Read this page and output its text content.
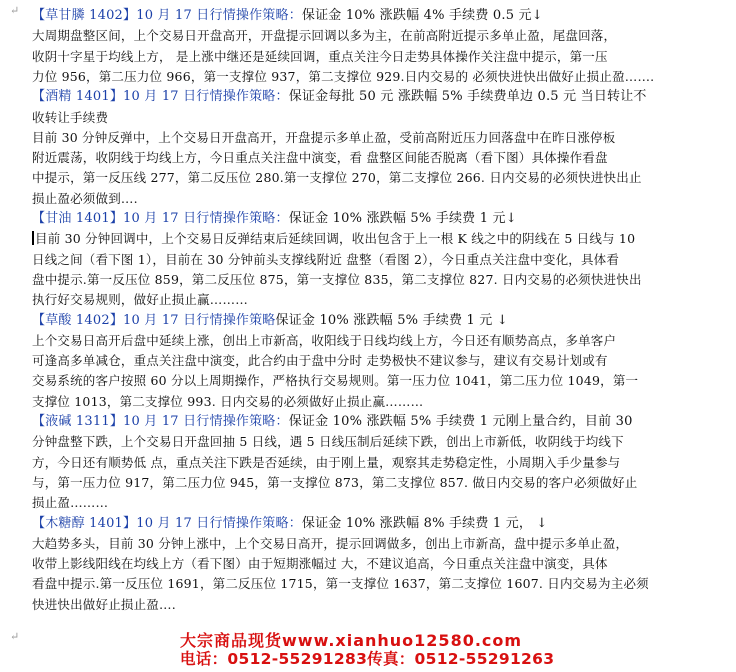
↵ 【草甘膦 1402】10 月 17 日行情操作策略：保证金 10% 涨跌幅 4% 手续费 0.5 元↓
大周期盘整区间，上个交易日开盘高开，开盘提示回调以多为主，在前高附近提示多单止盈，尾盘回落，
收阴十字星于均线上方， 是上涨中继还是延续回调，重点关注今日走势具体操作关注盘中提示，第一压
力位 956，第二压力位 966，第一支撑位 937，第二支撑位 929.日内交易的 必须快进快出做好止损止盈…….
【酒精 1401】10 月 17 日行情操作策略：保证金每批 50 元 涨跌幅 5% 手续费单边 0.5 元 当日转让不
收转让手续费
目前 30 分钟反弹中，上个交易日开盘高开，开盘提示多单止盈，受前高附近压力回落盘中在昨日涨停板
附近震荡，收阴线于均线上方，今日重点关注盘中演变，看 盘整区间能否脱离（看下图）具体操作看盘
中提示，第一反压线 277，第二反压位 280.第一支撑位 270，第二支撑位 266. 日内交易的必须快进快出止
损止盈必须做到….
【甘油 1401】10 月 17 日行情操作策略：保证金 10% 涨跌幅 5% 手续费 1 元↓
目前 30 分钟回调中，上个交易日反弹结束后延续回调，收出包含于上一根 K 线之中的阴线在 5 日线与 10
日线之间（看下图 1），目前在 30 分钟前头支撑线附近 盘整（看图 2），今日重点关注盘中变化，具体看
盘中提示.第一反压位 859，第二反压位 875，第一支撑位 835，第二支撑位 827. 日内交易的必须快进快出
执行好交易规则，做好止损止赢………
【草酸 1402】10 月 17 日行情操作策略保证金 10% 涨跌幅 5% 手续费 1 元 ↓
上个交易日高开后盘中延续上涨，创出上市新高，收阳线于日线均线上方，今日还有顺势高点，多单客户
可逢高多单减仓，重点关注盘中演变，此合约由于盘中分时 走势极快不建议参与，建议有交易计划或有
交易系统的客户按照 60 分以上周期操作，严格执行交易规则。第一压力位 1041，第二压力位 1049，第一
支撑位 1013，第二支撑位 993. 日内交易的必须做好止损止赢………
【液碱 1311】10 月 17 日行情操作策略：保证金 10% 涨跌幅 5% 手续费 1 元刚上量合约，目前 30
分钟盘整下跌，上个交易日开盘回抽 5 日线，遇 5 日线压制后延续下跌，创出上市新低，收阴线于均线下
方，今日还有顺势低 点，重点关注下跌是否延续，由于刚上量，观察其走势稳定性，小周期入手少量参与
与，第一压力位 917，第二压力位 945，第一支撑位 873，第二支撑位 857. 做日内交易的客户必须做好止
损止盈………
【木糖醇 1401】10 月 17 日行情操作策略：保证金 10% 涨跌幅 8% 手续费 1 元， ↓
大趋势多头，目前 30 分钟上涨中，上个交易日高开，提示回调做多，创出上市新高，盘中提示多单止盈，
收带上影线阳线在均线上方（看下图）由于短期涨幅过 大，不建议追高，今日重点关注盘中演变，具体
看盘中提示.第一反压位 1691，第二反压位 1715，第一支撑位 1637，第二支撑位 1607. 日内交易为主必须
快进快出做好止损止盈….
↵	大宗商品现货www.xianhuo12580.com
电话：0512-55291283传真：0512-55291263
